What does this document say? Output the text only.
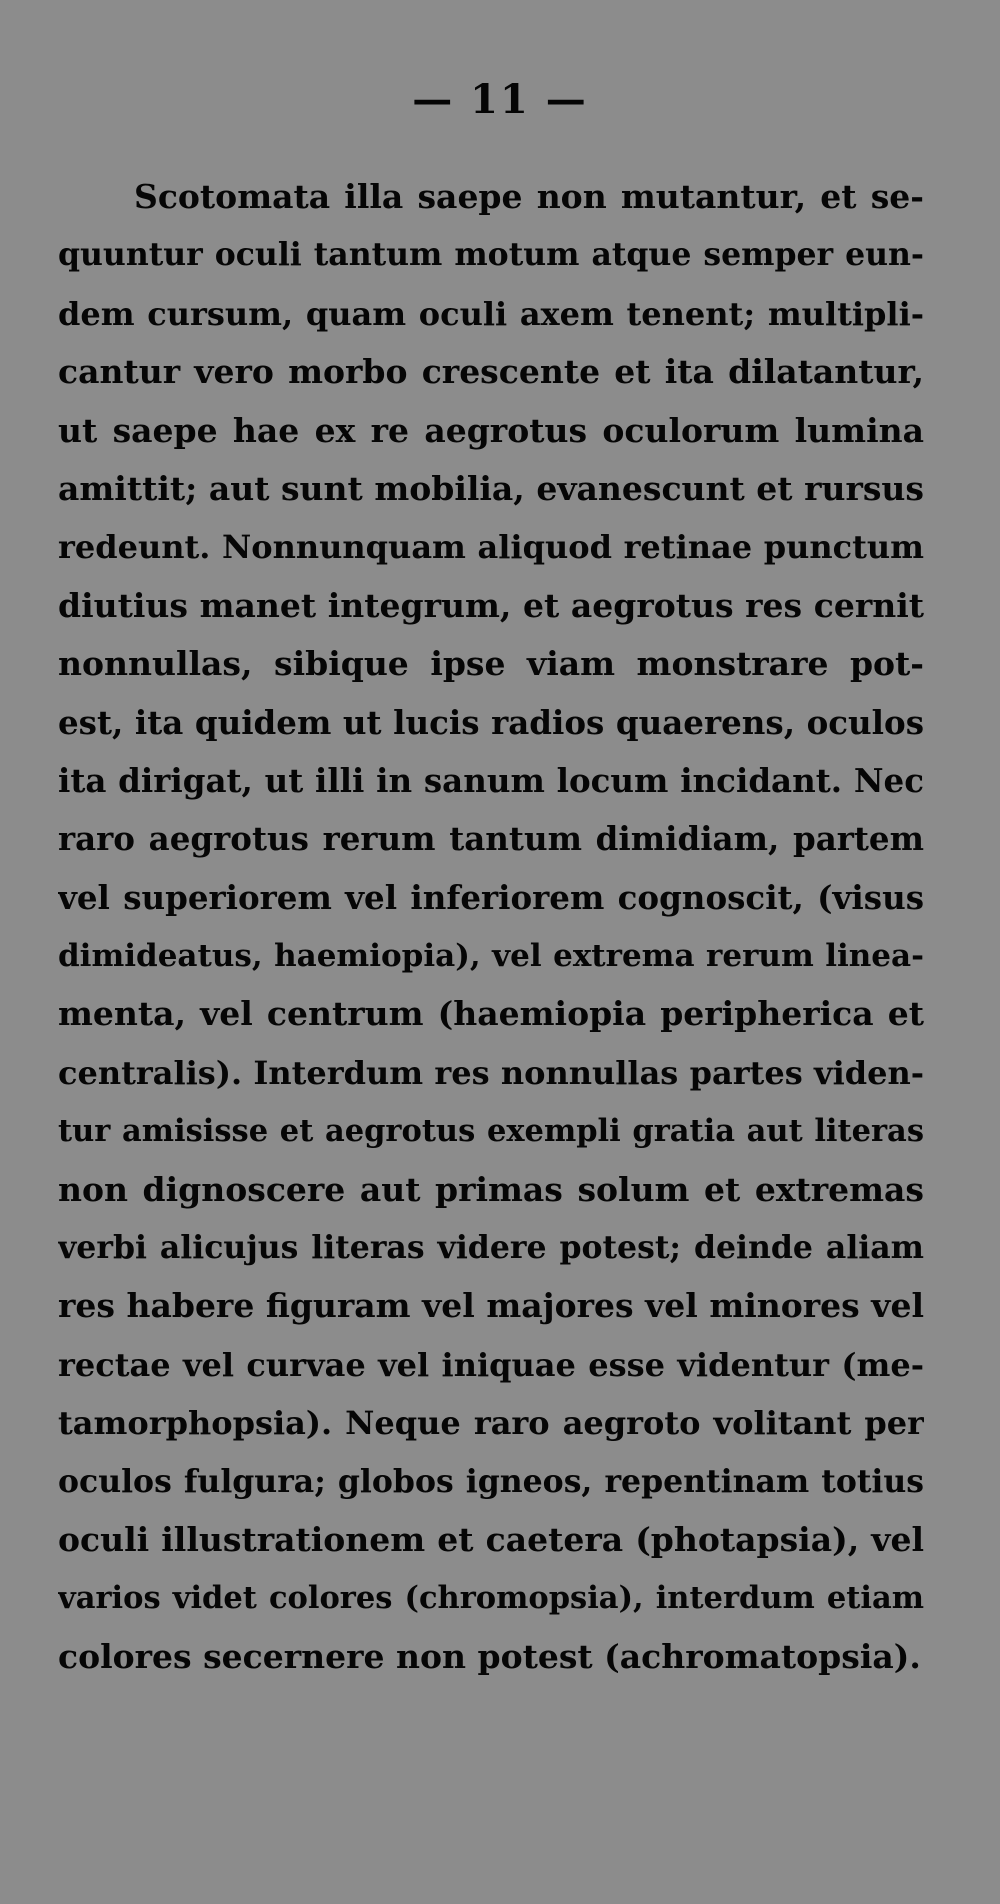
— 11 —
Scotomata illa saepe non mutantur, et se-
quuntur oculi tantum motum atque semper eun-
dem cursum, quam oculi axem tenent; multipli-
cantur vero morbo crescente et ita dilatantur,
ut saepe hae ex re aegrotus oculorum lumina
amittit; aut sunt mobilia, evanescunt et rursus
redeunt. Nonnunquam aliquod retinae punctum
diutius manet integrum, et aegrotus res cernit
nonnullas, sibique ipse viam monstrare pot-
est, ita quidem ut lucis radios quaerens, oculos
ita dirigat, ut illi in sanum locum incidant. Nec
raro aegrotus rerum tantum dimidiam, partem
vel superiorem vel inferiorem cognoscit, (visus
dimideatus, haemiopia), vel extrema rerum linea-
menta, vel centrum (haemiopia peripherica et
centralis). Interdum res nonnullas partes viden-
tur amisisse et aegrotus exempli gratia aut literas
non dignoscere aut primas solum et extremas
verbi alicujus literas videre potest; deinde aliam
res habere figuram vel majores vel minores vel
rectae vel curvae vel iniquae esse videntur (me-
tamorphopsia). Neque raro aegroto volitant per
oculos fulgura; globos igneos, repentinam totius
oculi illustrationem et caetera (photapsia), vel
varios videt colores (chromopsia), interdum etiam
colores secernere non potest (achromatopsia).
